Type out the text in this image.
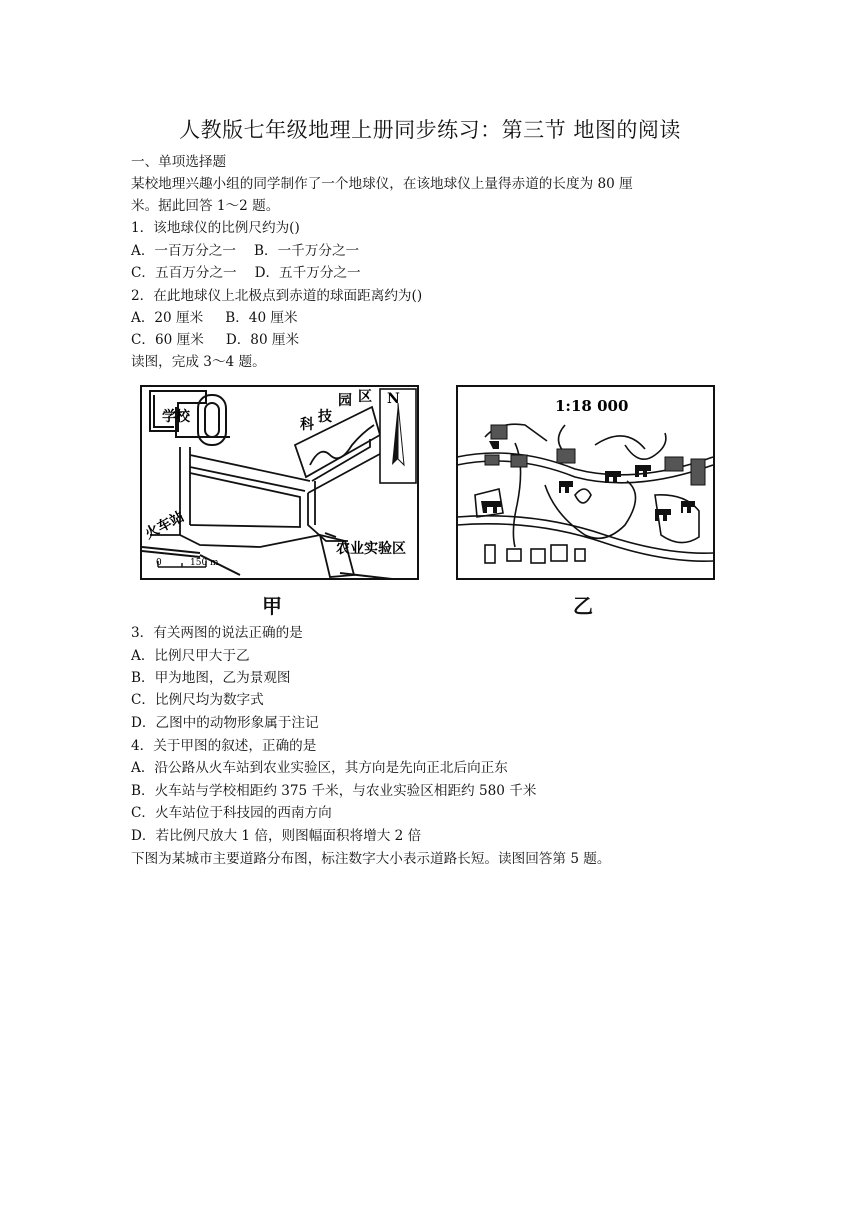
人教版七年级地理上册同步练习：第三节 地图的阅读
一、单项选择题
某校地理兴趣小组的同学制作了一个地球仪，在该地球仪上量得赤道的长度为 80 厘
米。据此回答 1～2 题。
1．该地球仪的比例尺约为()
A．一百万分之一 B．一千万分之一
C．五百万分之一 D．五千万分之一
2．在此地球仪上北极点到赤道的球面距离约为()
A．20 厘米 B．40 厘米
C．60 厘米 D．80 厘米
读图，完成 3～4 题。
学校	科 技
园 区 N
火车站
农业实验区
0	150 m
甲
1:18 000
乙
3．有关两图的说法正确的是
A．比例尺甲大于乙
B．甲为地图，乙为景观图
C．比例尺均为数字式
D．乙图中的动物形象属于注记
4．关于甲图的叙述，正确的是
A．沿公路从火车站到农业实验区，其方向是先向正北后向正东
B．火车站与学校相距约 375 千米，与农业实验区相距约 580 千米
C．火车站位于科技园的西南方向
D．若比例尺放大 1 倍，则图幅面积将增大 2 倍
下图为某城市主要道路分布图，标注数字大小表示道路长短。读图回答第 5 题。
